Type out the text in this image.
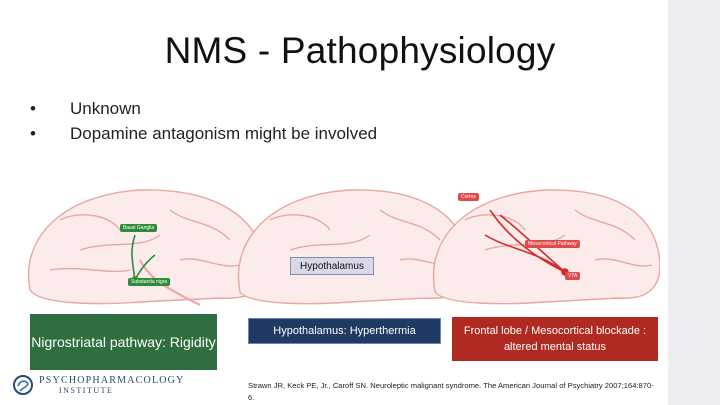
NMS - Pathophysiology
•	Unknown
•	Dopamine antagonism might be involved
Basal Ganglia
Substantia nigra
Cortex
Mesocortical Pathway
VTA
Hypothalamus
Nigrostriatal pathway: Rigidity
Hypothalamus: Hyperthermia	Frontal lobe / Mesocortical blockade : altered mental status
PSYCHOPHARMACOLOGY
INSTITUTE	Strawn JR, Keck PE, Jr., Caroff SN. Neuroleptic malignant syndrome. The American Journal of Psychiatry 2007;164:870-6.
